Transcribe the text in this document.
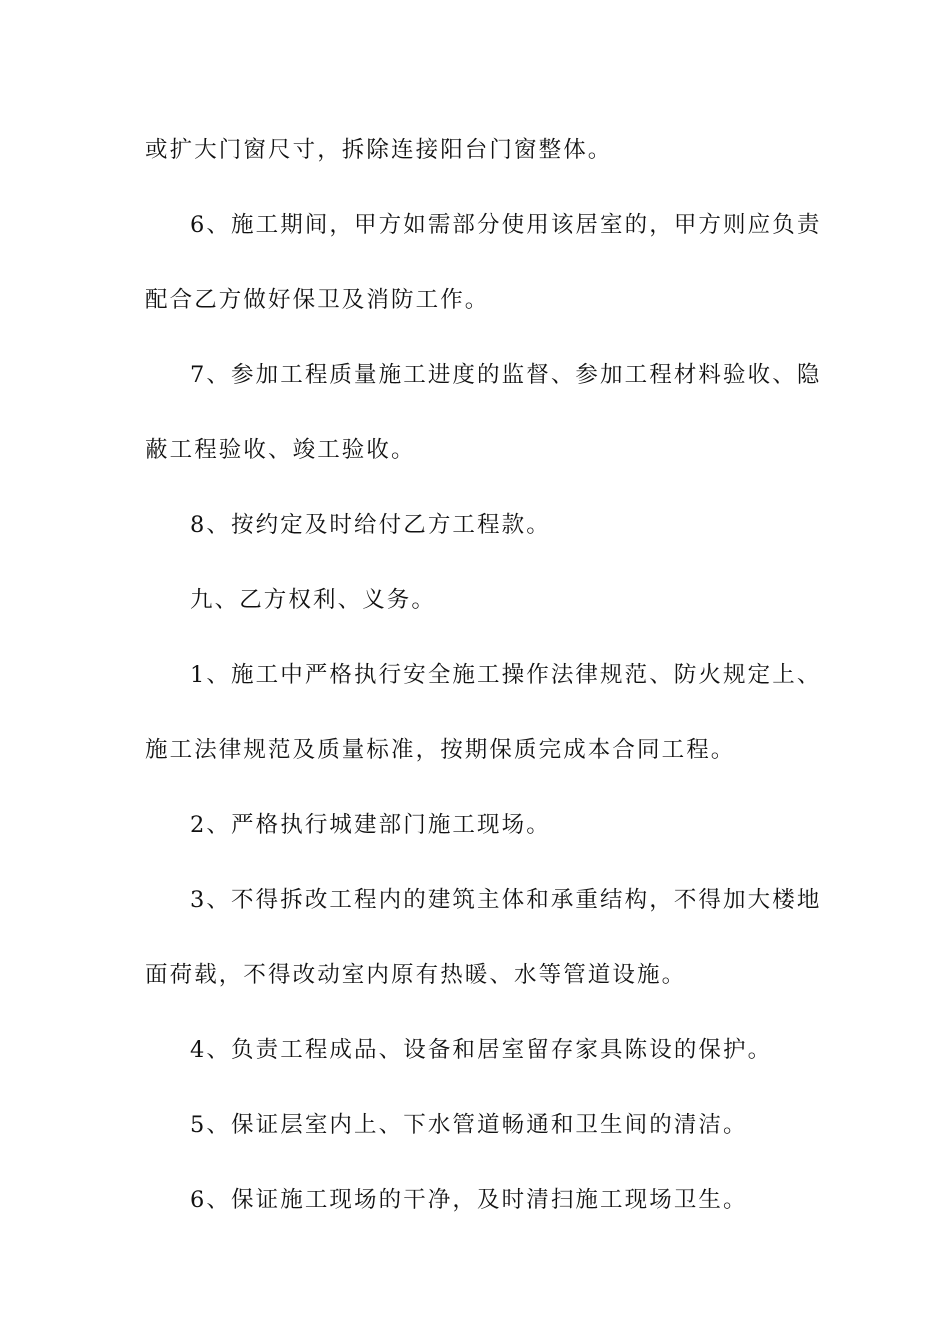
或扩大门窗尺寸，拆除连接阳台门窗整体。
6、施工期间，甲方如需部分使用该居室的，甲方则应负责
配合乙方做好保卫及消防工作。
7、参加工程质量施工进度的监督、参加工程材料验收、隐
蔽工程验收、竣工验收。
8、按约定及时给付乙方工程款。
九、乙方权利、义务。
1、施工中严格执行安全施工操作法律规范、防火规定上、
施工法律规范及质量标准，按期保质完成本合同工程。
2、严格执行城建部门施工现场。
3、不得拆改工程内的建筑主体和承重结构，不得加大楼地
面荷载，不得改动室内原有热暖、水等管道设施。
4、负责工程成品、设备和居室留存家具陈设的保护。
5、保证层室内上、下水管道畅通和卫生间的清洁。
6、保证施工现场的干净，及时清扫施工现场卫生。
